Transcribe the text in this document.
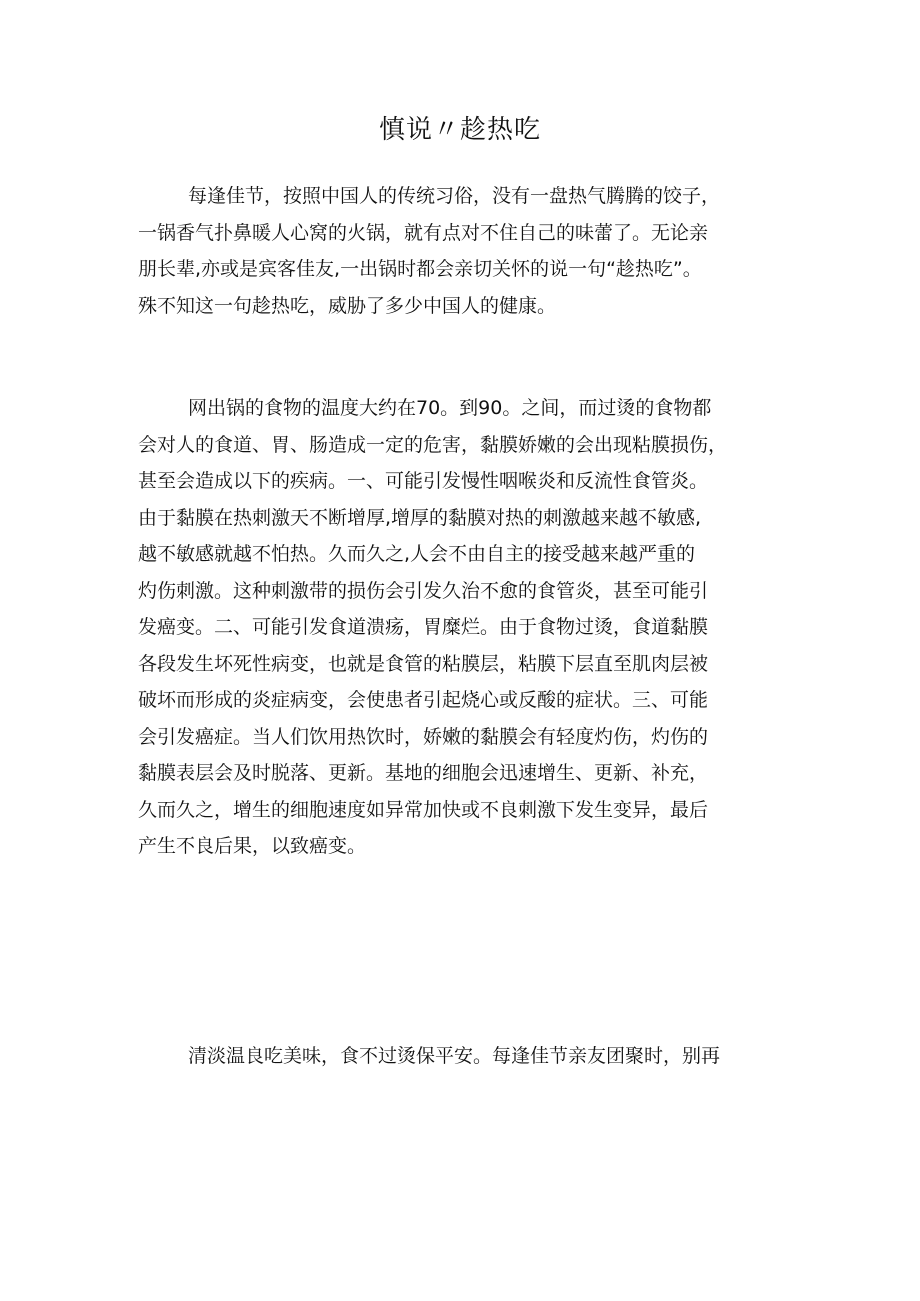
慎说〃趁热吃
每逢佳节，按照中国人的传统习俗，没有一盘热气腾腾的饺子，
一锅香气扑鼻暖人心窝的火锅，就有点对不住自己的味蕾了。无论亲
朋长辈,亦或是宾客佳友,一出锅时都会亲切关怀的说一句“趁热吃”。
殊不知这一句趁热吃，威胁了多少中国人的健康。
网出锅的食物的温度大约在70。到90。之间，而过烫的食物都
会对人的食道、胃、肠造成一定的危害，黏膜娇嫩的会出现粘膜损伤，
甚至会造成以下的疾病。一、可能引发慢性咽喉炎和反流性食管炎。
由于黏膜在热刺激天不断增厚,增厚的黏膜对热的刺激越来越不敏感,
越不敏感就越不怕热。久而久之,人会不由自主的接受越来越严重的
灼伤刺激。这种刺激带的损伤会引发久治不愈的食管炎，甚至可能引
发癌变。二、可能引发食道溃疡，胃糜烂。由于食物过烫，食道黏膜
各段发生坏死性病变，也就是食管的粘膜层，粘膜下层直至肌肉层被
破坏而形成的炎症病变，会使患者引起烧心或反酸的症状。三、可能
会引发癌症。当人们饮用热饮时，娇嫩的黏膜会有轻度灼伤，灼伤的
黏膜表层会及时脱落、更新。基地的细胞会迅速增生、更新、补充，
久而久之，增生的细胞速度如异常加快或不良刺激下发生变异，最后
产生不良后果，以致癌变。
清淡温良吃美味，食不过烫保平安。每逢佳节亲友团聚时，别再
